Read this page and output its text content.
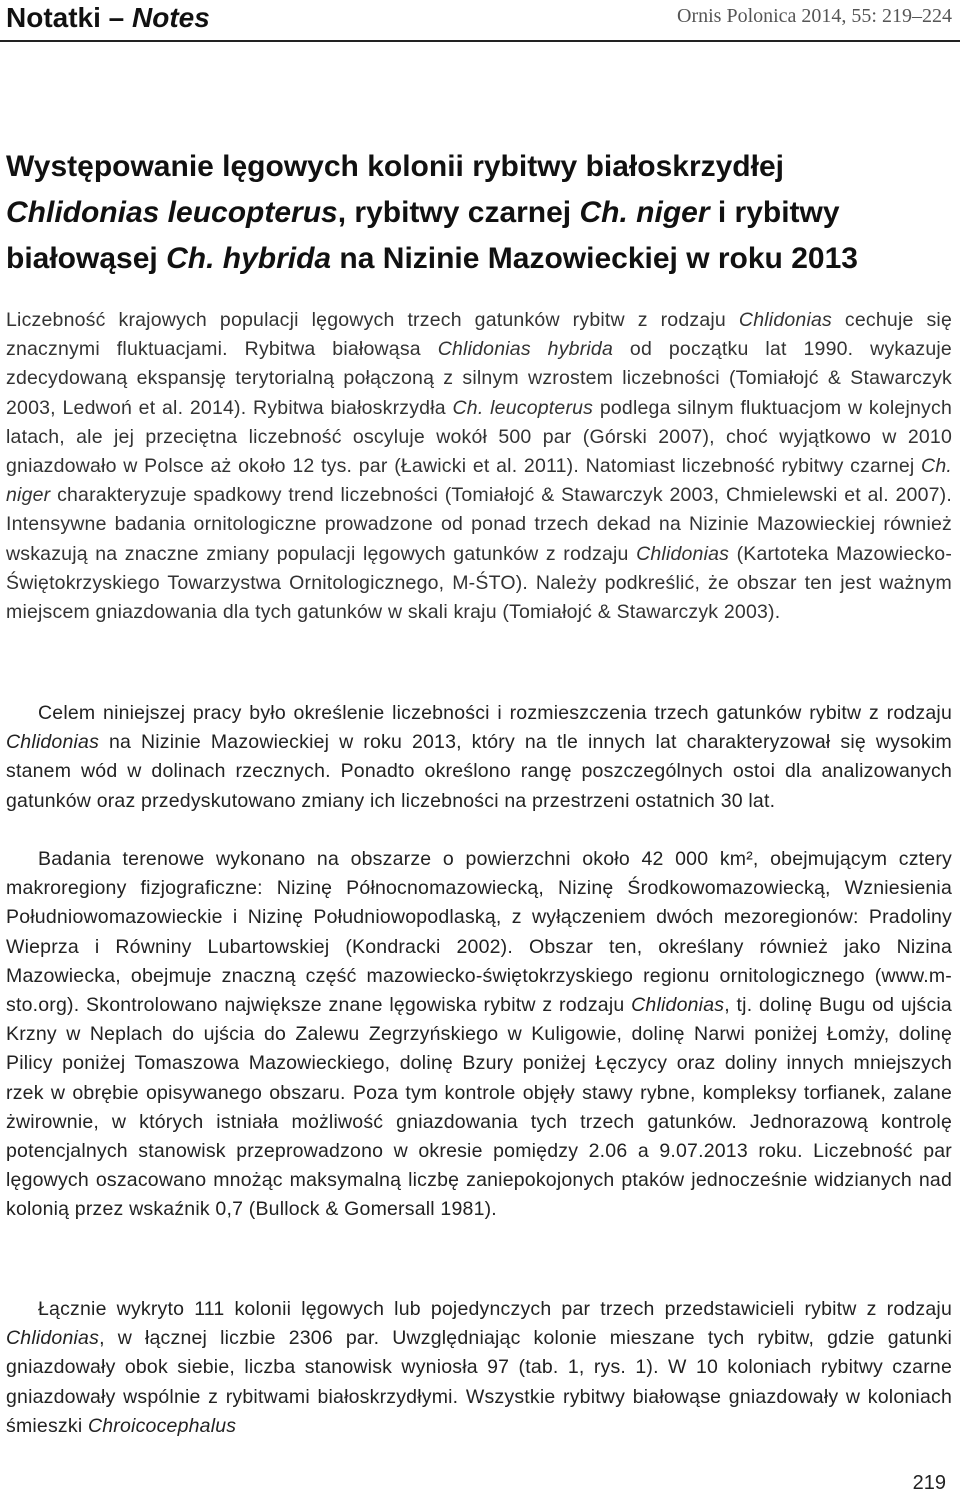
Notatki – Notes	Ornis Polonica 2014, 55: 219–224
Występowanie lęgowych kolonii rybitwy białoskrzydłej
Chlidonias leucopterus, rybitwy czarnej Ch. niger i rybitwy białowąsej Ch. hybrida na Nizinie Mazowieckiej w roku 2013
Liczebność krajowych populacji lęgowych trzech gatunków rybitw z rodzaju Chlidonias cechuje się znacznymi fluktuacjami. Rybitwa białowąsa Chlidonias hybrida od początku lat 1990. wykazuje zdecydowaną ekspansję terytorialną połączoną z silnym wzrostem liczebności (Tomiałojć & Stawarczyk 2003, Ledwoń et al. 2014). Rybitwa białoskrzydła Ch. leucopterus podlega silnym fluktuacjom w kolejnych latach, ale jej przeciętna liczebność oscyluje wokół 500 par (Górski 2007), choć wyjątkowo w 2010 gniazdowało w Polsce aż około 12 tys. par (Ławicki et al. 2011). Natomiast liczebność rybitwy czarnej Ch. niger charakteryzuje spadkowy trend liczebności (Tomiałojć & Stawarczyk 2003, Chmielewski et al. 2007). Intensywne badania ornitologiczne prowadzone od ponad trzech dekad na Nizinie Mazowieckiej również wskazują na znaczne zmiany populacji lęgowych gatunków z rodzaju Chlidonias (Kartoteka Mazowiecko-Świętokrzyskiego Towarzystwa Ornitologicznego, M-ŚTO). Należy podkreślić, że obszar ten jest ważnym miejscem gniazdowania dla tych gatunków w skali kraju (Tomiałojć & Stawarczyk 2003).
Celem niniejszej pracy było określenie liczebności i rozmieszczenia trzech gatunków rybitw z rodzaju Chlidonias na Nizinie Mazowieckiej w roku 2013, który na tle innych lat charakteryzował się wysokim stanem wód w dolinach rzecznych. Ponadto określono rangę poszczególnych ostoi dla analizowanych gatunków oraz przedyskutowano zmiany ich liczebności na przestrzeni ostatnich 30 lat.
Badania terenowe wykonano na obszarze o powierzchni około 42 000 km², obejmującym cztery makroregiony fizjograficzne: Nizinę Północnomazowiecką, Nizinę Środkowomazowiecką, Wzniesienia Południowomazowieckie i Nizinę Południowopodlaską, z wyłączeniem dwóch mezoregionów: Pradoliny Wieprza i Równiny Lubartowskiej (Kondracki 2002). Obszar ten, określany również jako Nizina Mazowiecka, obejmuje znaczną część mazowiecko-świętokrzyskiego regionu ornitologicznego (www.m-sto.org). Skontrolowano największe znane lęgowiska rybitw z rodzaju Chlidonias, tj. dolinę Bugu od ujścia Krzny w Neplach do ujścia do Zalewu Zegrzyńskiego w Kuligowie, dolinę Narwi poniżej Łomży, dolinę Pilicy poniżej Tomaszowa Mazowieckiego, dolinę Bzury poniżej Łęczycy oraz doliny innych mniejszych rzek w obrębie opisywanego obszaru. Poza tym kontrole objęły stawy rybne, kompleksy torfianek, zalane żwirownie, w których istniała możliwość gniazdowania tych trzech gatunków. Jednorazową kontrolę potencjalnych stanowisk przeprowadzono w okresie pomiędzy 2.06 a 9.07.2013 roku. Liczebność par lęgowych oszacowano mnożąc maksymalną liczbę zaniepokojonych ptaków jednocześnie widzianych nad kolonią przez wskaźnik 0,7 (Bullock & Gomersall 1981).
Łącznie wykryto 111 kolonii lęgowych lub pojedynczych par trzech przedstawicieli rybitw z rodzaju Chlidonias, w łącznej liczbie 2306 par. Uwzględniając kolonie mieszane tych rybitw, gdzie gatunki gniazdowały obok siebie, liczba stanowisk wyniosła 97 (tab. 1, rys. 1). W 10 koloniach rybitwy czarne gniazdowały wspólnie z rybitwami białoskrzydłymi. Wszystkie rybitwy białowąse gniazdowały w koloniach śmieszki Chroicocephalus
219
